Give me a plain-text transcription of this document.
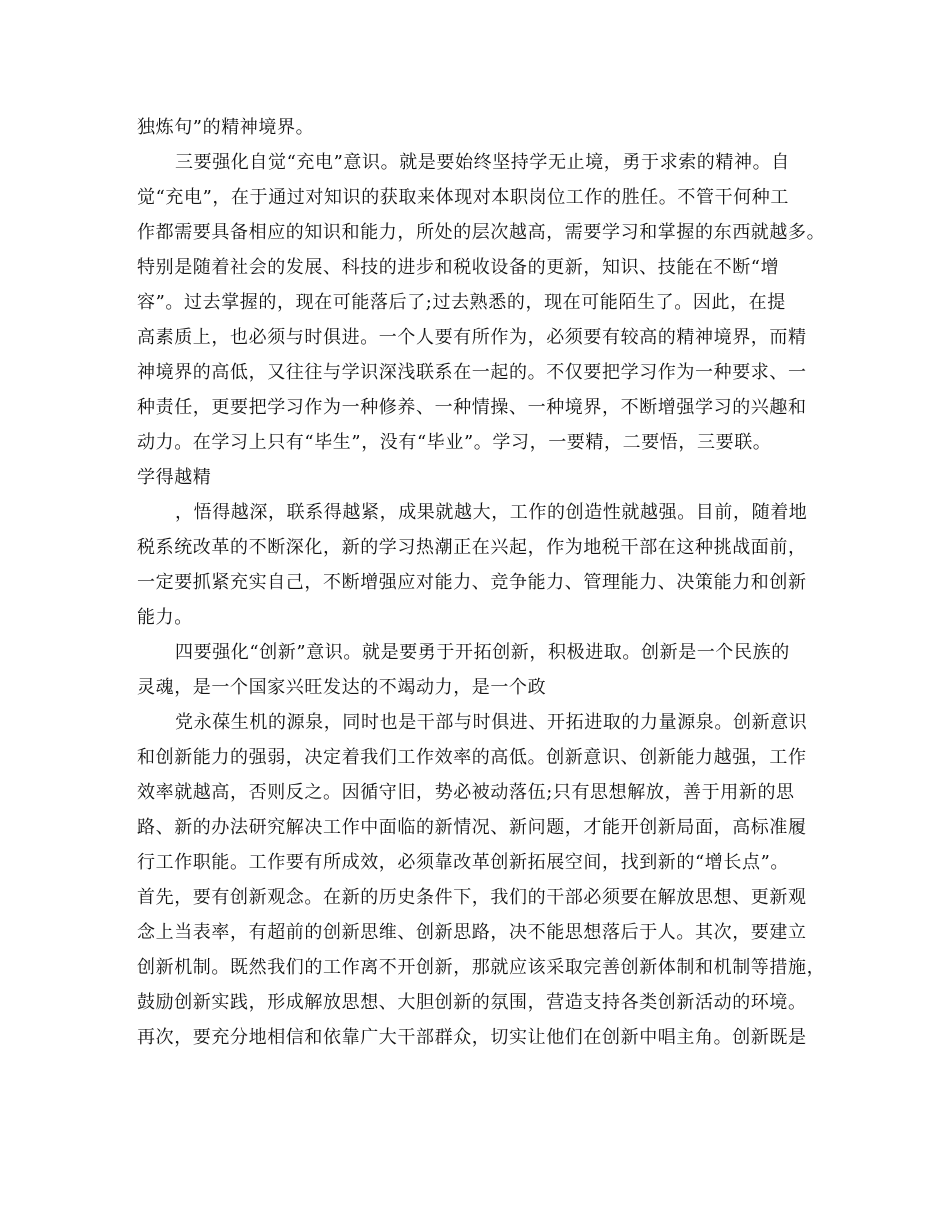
独炼句”的精神境界。
三要强化自觉“充电”意识。就是要始终坚持学无止境，勇于求索的精神。自
觉“充电”，在于通过对知识的获取来体现对本职岗位工作的胜任。不管干何种工
作都需要具备相应的知识和能力，所处的层次越高，需要学习和掌握的东西就越多。
特别是随着社会的发展、科技的进步和税收设备的更新，知识、技能在不断“增
容”。过去掌握的，现在可能落后了;过去熟悉的，现在可能陌生了。因此，在提
高素质上，也必须与时俱进。一个人要有所作为，必须要有较高的精神境界，而精
神境界的高低，又往往与学识深浅联系在一起的。不仅要把学习作为一种要求、一
种责任，更要把学习作为一种修养、一种情操、一种境界，不断增强学习的兴趣和
动力。在学习上只有“毕生”，没有“毕业”。学习，一要精，二要悟，三要联。
学得越精
，悟得越深，联系得越紧，成果就越大，工作的创造性就越强。目前，随着地
税系统改革的不断深化，新的学习热潮正在兴起，作为地税干部在这种挑战面前，
一定要抓紧充实自己，不断增强应对能力、竞争能力、管理能力、决策能力和创新
能力。
四要强化“创新”意识。就是要勇于开拓创新，积极进取。创新是一个民族的
灵魂，是一个国家兴旺发达的不竭动力，是一个政
党永葆生机的源泉，同时也是干部与时俱进、开拓进取的力量源泉。创新意识
和创新能力的强弱，决定着我们工作效率的高低。创新意识、创新能力越强，工作
效率就越高，否则反之。因循守旧，势必被动落伍;只有思想解放，善于用新的思
路、新的办法研究解决工作中面临的新情况、新问题，才能开创新局面，高标准履
行工作职能。工作要有所成效，必须靠改革创新拓展空间，找到新的“增长点”。
首先，要有创新观念。在新的历史条件下，我们的干部必须要在解放思想、更新观
念上当表率，有超前的创新思维、创新思路，决不能思想落后于人。其次，要建立
创新机制。既然我们的工作离不开创新，那就应该采取完善创新体制和机制等措施，
鼓励创新实践，形成解放思想、大胆创新的氛围，营造支持各类创新活动的环境。
再次，要充分地相信和依靠广大干部群众，切实让他们在创新中唱主角。创新既是
